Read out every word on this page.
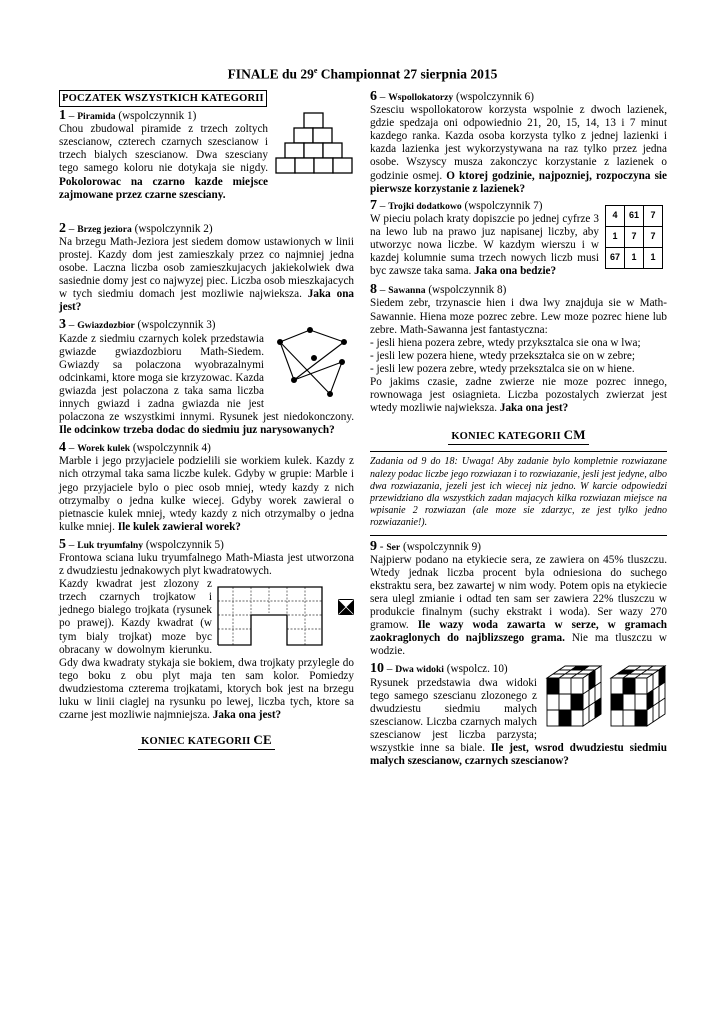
FINALE du 29e Championnat 27 sierpnia 2015
POCZATEK WSZYSTKICH KATEGORII

1 – Piramida (wspolczynnik 1)

Chou zbudowal piramide z trzech zoltych szescianow, czterech czarnych szescianow i trzech bialych szescianow. Dwa szesciany tego samego koloru nie dotykaja sie nigdy. Pokolorowac na czarno kazde miejsce zajmowane przez czarne szesciany.

2 – Brzeg jeziora (wspolczynnik 2)

Na brzegu Math-Jeziora jest siedem domow ustawionych w linii prostej. Kazdy dom jest zamieszkaly przez co najmniej jedna osobe. Laczna liczba osob zamieszkujacych jakiekolwiek dwa sasiednie domy jest co najwyzej piec. Liczba osob mieszkajacych w tych siedmiu domach jest mozliwie najwieksza. Jaka ona jest?

3 – Gwiazdozbior (wspolczynnik 3)

Kazde z siedmiu czarnych kolek przedstawia gwiazde gwiazdozbioru Math-Siedem. Gwiazdy sa polaczona wyobrazalnymi odcinkami, ktore moga sie krzyzowac. Kazda gwiazda jest polaczona z taka sama liczba innych gwiazd i zadna gwiazda nie jest polaczona ze wszystkimi innymi. Rysunek jest niedokonczony. Ile odcinkow trzeba dodac do siedmiu juz narysowanych?

4 – Worek kulek (wspolczynnik 4)

Marble i jego przyjaciele podzielili sie workiem kulek. Kazdy z nich otrzymal taka sama liczbe kulek. Gdyby w grupie: Marble i jego przyjaciele bylo o piec osob mniej, wtedy kazdy z nich otrzymalby o jedna kulke wiecej. Gdyby worek zawieral o pietnascie kulek mniej, wtedy kazdy z nich otrzymalby o jedna kulke mniej. Ile kulek zawieral worek?

5 – Luk tryumfalny (wspolczynnik 5)

Frontowa sciana luku tryumfalnego Math-Miasta jest utworzona z dwudziestu jednakowych plyt kwadratowych.

Kazdy kwadrat jest zlozony z trzech czarnych trojkatow i jednego bialego trojkata (rysunek po prawej). Kazdy kwadrat (w tym bialy trojkat) moze byc obracany w dowolnym kierunku. Gdy dwa kwadraty stykaja sie bokiem, dwa trojkaty przylegle do tego boku z obu plyt maja ten sam kolor. Pomiedzy dwudziestoma czterema trojkatami, ktorych bok jest na brzegu luku w linii ciaglej na rysunku po lewej, liczba tych, ktore sa czarne jest mozliwie najmniejsza. Jaka ona jest?

KONIEC KATEGORII CE

6 – Wspollokatorzy (wspolczynnik 6)

Szesciu wspollokatorow korzysta wspolnie z dwoch lazienek, gdzie spedzaja oni odpowiednio 21, 20, 15, 14, 13 i 7 minut kazdego ranka. Kazda osoba korzysta tylko z jednej lazienki i kazda lazienka jest wykorzystywana na raz tylko przez jedna osobe. Wszyscy musza zakonczyc korzystanie z lazienek o godzinie osmej. O ktorej godzinie, najpozniej, rozpoczyna sie pierwsze korzystanie z lazienek?

4	61	7
1	7	7
67	1	1

7 – Trojki dodatkowo (wspolczynnik 7)

W pieciu polach kraty dopiszcie po jednej cyfrze 3 na lewo lub na prawo juz napisanej liczby, aby utworzyc nowa liczbe. W kazdym wierszu i w kazdej kolumnie suma trzech nowych liczb musi byc zawsze taka sama. Jaka ona bedzie?

8 – Sawanna (wspolczynnik 8)

Siedem zebr, trzynascie hien i dwa lwy znajduja sie w Math-Sawannie. Hiena moze pozrec zebre. Lew moze pozrec hiene lub zebre. Math-Sawanna jest fantastyczna:

- jesli hiena pozera zebre, wtedy przyksztalca sie ona w lwa;

- jesli lew pozera hiene, wtedy przekształca sie on w zebre;

- jesli lew pozera zebre, wtedy przeksztalca sie on w hiene.

Po jakims czasie, zadne zwierze nie moze pozrec innego, rownowaga jest osiagnieta. Liczba pozostalych zwierzat jest wtedy mozliwie najwieksza. Jaka ona jest?

KONIEC KATEGORII CM
Zadania od 9 do 18: Uwaga! Aby zadanie bylo kompletnie rozwiazane nalezy podac liczbe jego rozwiazan i to rozwiazanie, jesli jest jedyne, albo dwa rozwiazania, jezeli jest ich wiecej niz jedno. W karcie odpowiedzi przewidziano dla wszystkich zadan majacych kilka rozwiazan miejsce na wpisanie 2 rozwiazan (ale moze sie zdarzyc, ze jest tylko jedno rozwiazanie!).

9 - Ser (wspolczynnik 9)

Najpierw podano na etykiecie sera, ze zawiera on 45% tluszczu. Wtedy jednak liczba procent byla odniesiona do suchego ekstraktu sera, bez zawartej w nim wody. Potem opis na etykiecie sera ulegl zmianie i odtad ten sam ser zawiera 22% tluszczu w produkcie finalnym (suchy ekstrakt i woda). Ser wazy 270 gramow. Ile wazy woda zawarta w serze, w gramach zaokraglonych do najblizszego grama. Nie ma tluszczu w wodzie.

10 – Dwa widoki (wspolcz. 10)

Rysunek przedstawia dwa widoki tego samego szescianu zlozonego z dwudziestu siedmiu malych szescianow. Liczba czarnych malych szescianow jest liczba parzysta; wszystkie inne sa biale. Ile jest, wsrod dwudziestu siedmiu malych szescianow, czarnych szescianow?
